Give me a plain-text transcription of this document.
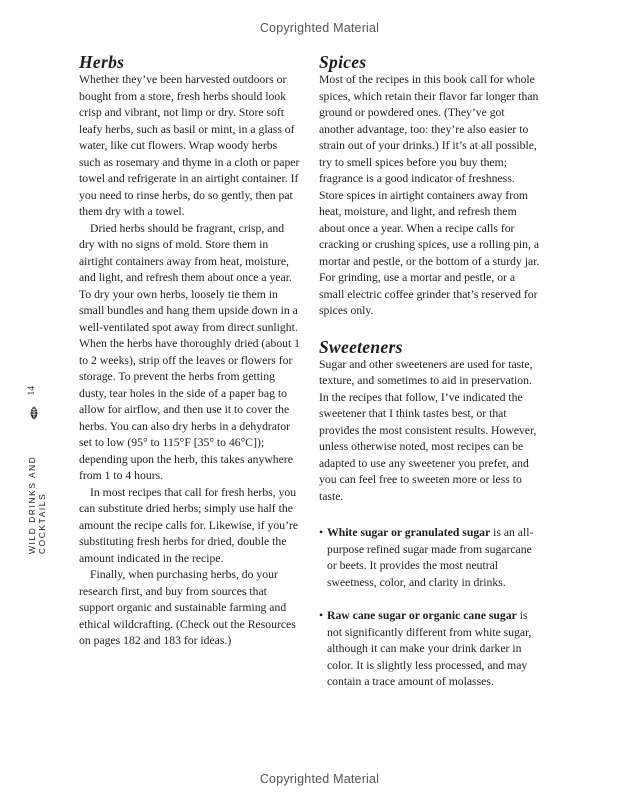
Copyrighted Material
Herbs

Whether they’ve been harvested outdoors or bought from a store, fresh herbs should look crisp and vibrant, not limp or dry. Store soft leafy herbs, such as basil or mint, in a glass of water, like cut flowers. Wrap woody herbs such as rosemary and thyme in a cloth or paper towel and refrigerate in an airtight container. If you need to rinse herbs, do so gently, then pat them dry with a towel.

Dried herbs should be fragrant, crisp, and dry with no signs of mold. Store them in airtight containers away from heat, moisture, and light, and refresh them about once a year. To dry your own herbs, loosely tie them in small bundles and hang them upside down in a well-ventilated spot away from direct sunlight. When the herbs have thoroughly dried (about 1 to 2 weeks), strip off the leaves or flowers for storage. To prevent the herbs from getting dusty, tear holes in the side of a paper bag to allow for airflow, and then use it to cover the herbs. You can also dry herbs in a dehydrator set to low (95° to 115°F [35° to 46°C]); depending upon the herb, this takes anywhere from 1 to 4 hours.

In most recipes that call for fresh herbs, you can substitute dried herbs; simply use half the amount the recipe calls for. Likewise, if you’re substituting fresh herbs for dried, double the amount indicated in the recipe.

Finally, when purchasing herbs, do your research first, and buy from sources that support organic and sustainable farming and ethical wildcrafting. (Check out the Resources on pages 182 and 183 for ideas.)

Spices

Most of the recipes in this book call for whole spices, which retain their flavor far longer than ground or powdered ones. (They’ve got another advantage, too: they’re also easier to strain out of your drinks.) If it’s at all possible, try to smell spices before you buy them; fragrance is a good indicator of freshness. Store spices in airtight containers away from heat, moisture, and light, and refresh them about once a year. When a recipe calls for cracking or crushing spices, use a rolling pin, a mortar and pestle, or the bottom of a sturdy jar. For grinding, use a mortar and pestle, or a small electric coffee grinder that’s reserved for spices only.

Sweeteners

Sugar and other sweeteners are used for taste, texture, and sometimes to aid in preservation. In the recipes that follow, I’ve indicated the sweetener that I think tastes best, or that provides the most consistent results. However, unless otherwise noted, most recipes can be adapted to use any sweetener you prefer, and you can feel free to sweeten more or less to taste.

• White sugar or granulated sugar is an all-purpose refined sugar made from sugarcane or beets. It provides the most neutral sweetness, color, and clarity in drinks.
• Raw cane sugar or organic cane sugar is not significantly different from white sugar, although it can make your drink darker in color. It is slightly less processed, and may contain a trace amount of molasses.
14
WILD DRINKS AND COCKTAILS
Copyrighted Material
